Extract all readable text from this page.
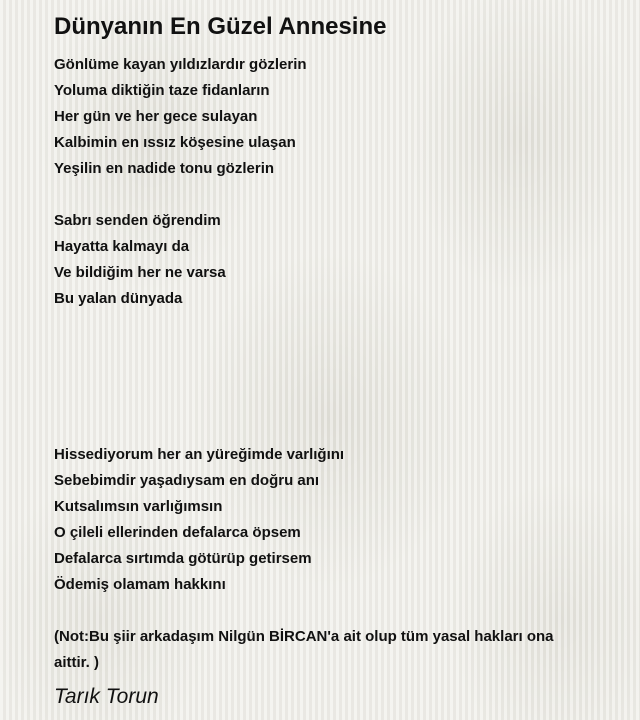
Dünyanın En Güzel Annesine
Gönlüme kayan yıldızlardır gözlerin
Yoluma diktiğin taze fidanların
Her gün ve her gece sulayan
Kalbimin en ıssız köşesine ulaşan
Yeşilin en nadide tonu gözlerin
Sabrı senden öğrendim
Hayatta kalmayı da
Ve bildiğim her ne varsa
Bu yalan dünyada
Hissediyorum her an yüreğimde varlığını
Sebebimdir yaşadıysam en doğru anı
Kutsalımsın varlığımsın
O çileli ellerinden defalarca öpsem
Defalarca sırtımda götürüp getirsem
Ödemiş olamam hakkını
(Not:Bu şiir arkadaşım Nilgün BİRCAN'a ait olup tüm yasal hakları ona aittir. )
Tarık Torun
